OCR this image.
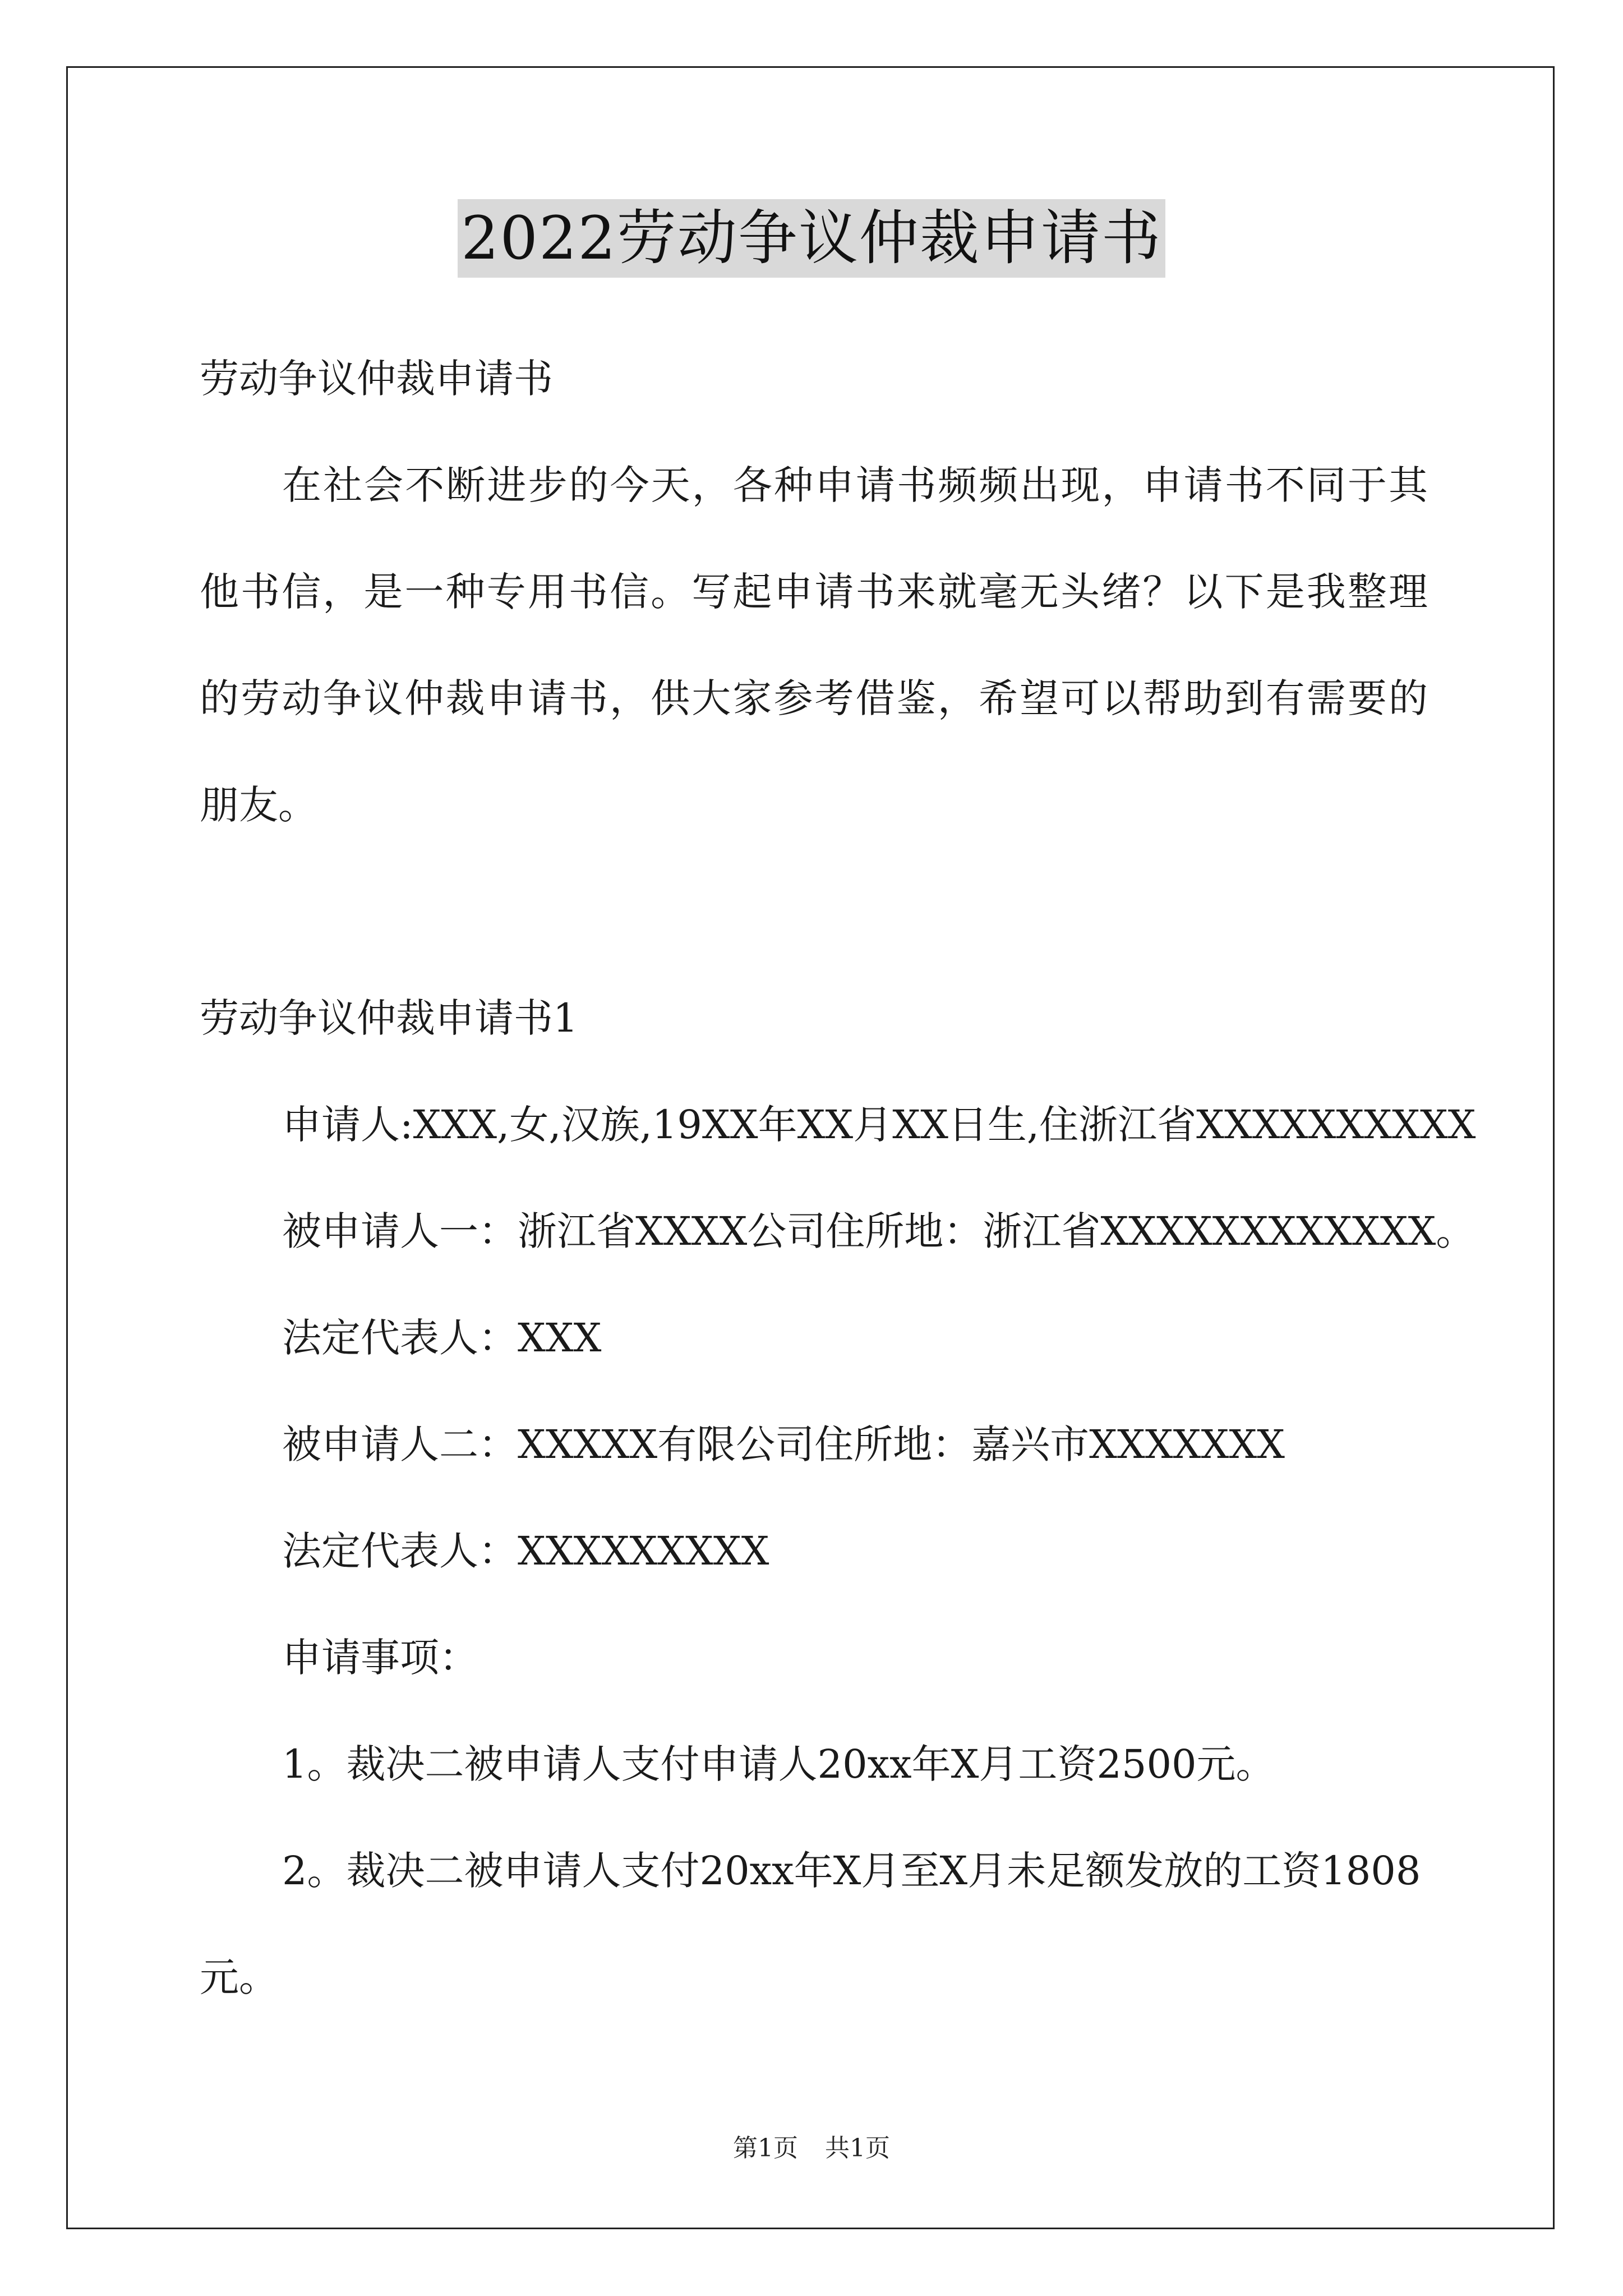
2022劳动争议仲裁申请书
劳动争议仲裁申请书
在社会不断进步的今天，各种申请书频频出现，申请书不同于其
他书信，是一种专用书信。写起申请书来就毫无头绪？以下是我整理
的劳动争议仲裁申请书，供大家参考借鉴，希望可以帮助到有需要的
朋友。
劳动争议仲裁申请书1
申请人:XXX,女,汉族,19XX年XX月XX日生,住浙江省XXXXXXXXXX
被申请人一：浙江省XXXX公司住所地：浙江省XXXXXXXXXXXX。
法定代表人：XXX
被申请人二：XXXXX有限公司住所地：嘉兴市XXXXXXX
法定代表人：XXXXXXXXX
申请事项：
1。裁决二被申请人支付申请人20xx年X月工资2500元。
2。裁决二被申请人支付20xx年X月至X月未足额发放的工资1808
元。
第1页 共1页
